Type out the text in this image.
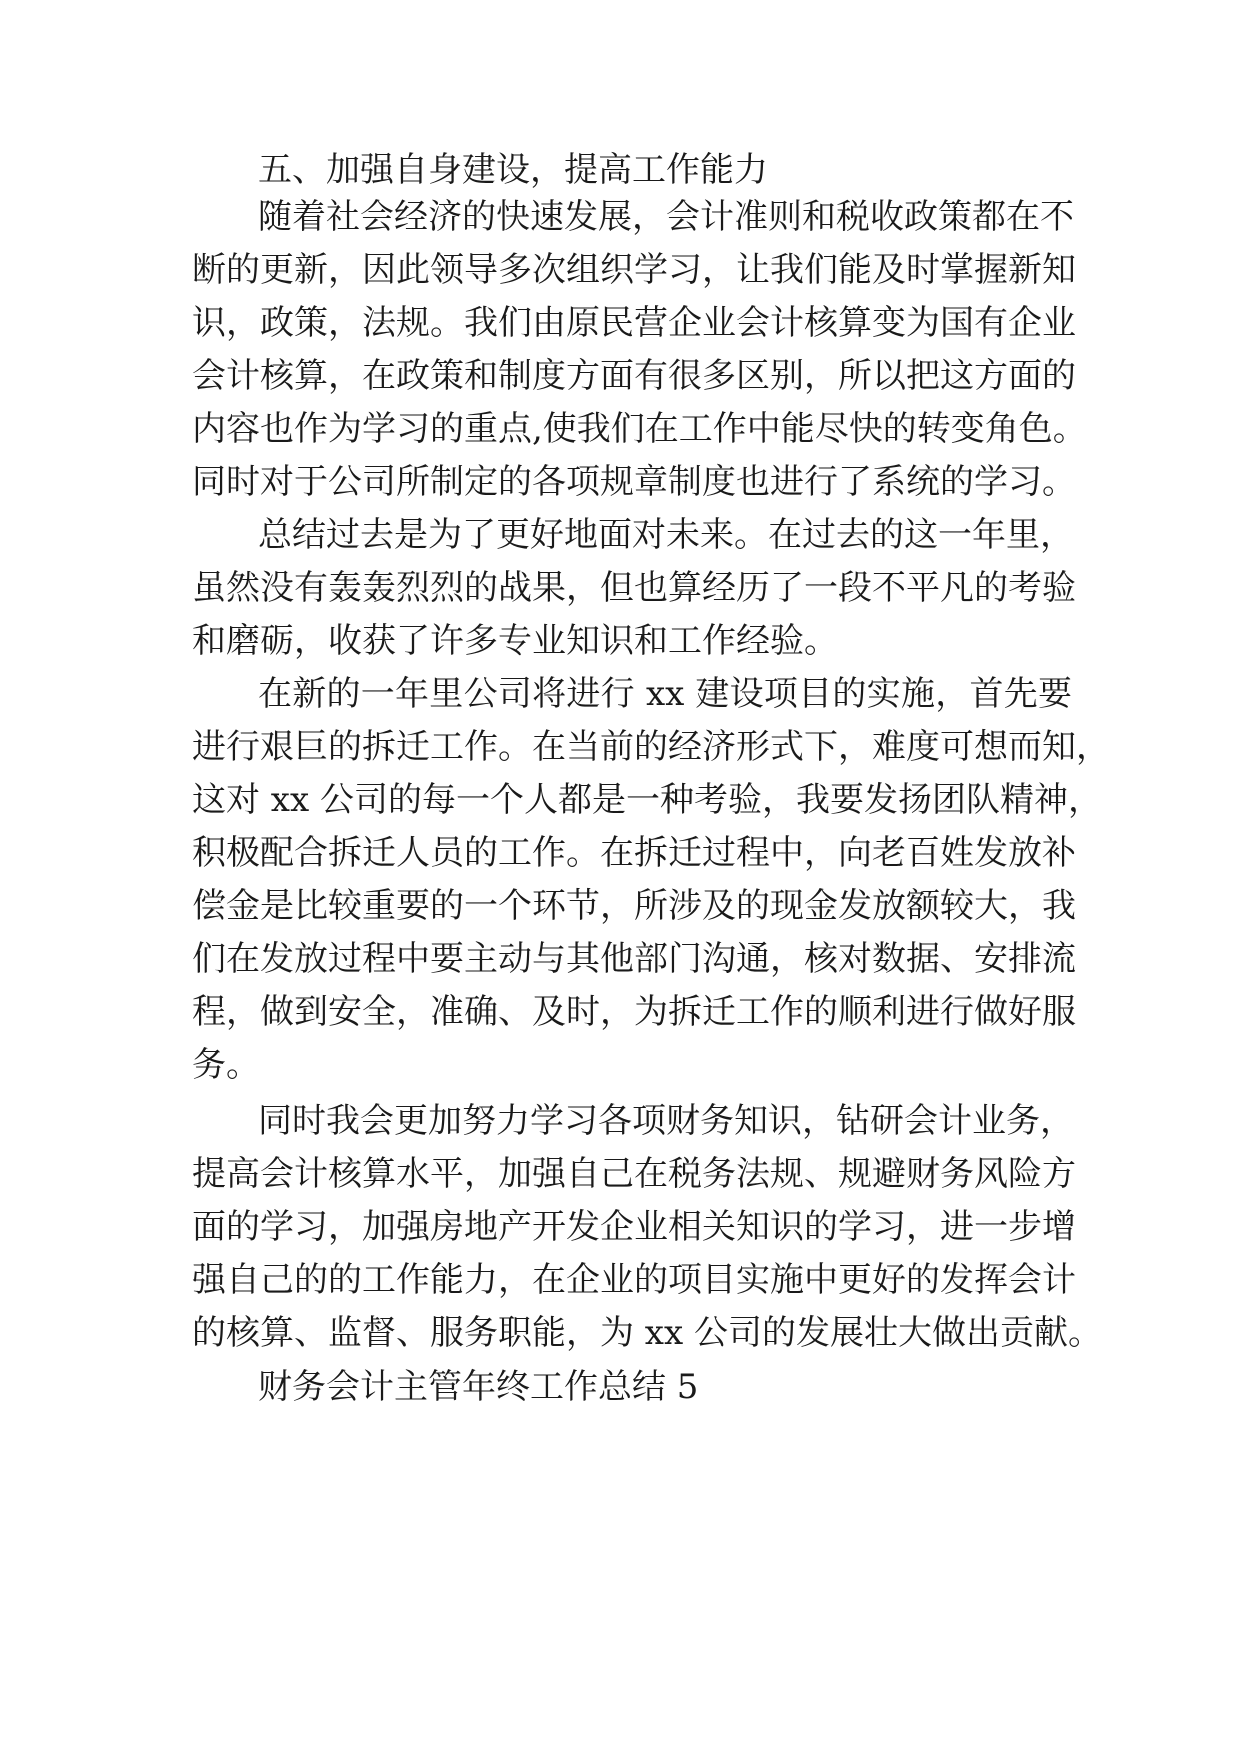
五、加强自身建设，提高工作能力
随着社会经济的快速发展，会计准则和税收政策都在不
断的更新，因此领导多次组织学习，让我们能及时掌握新知
识，政策，法规。我们由原民营企业会计核算变为国有企业
会计核算，在政策和制度方面有很多区别，所以把这方面的
内容也作为学习的重点,使我们在工作中能尽快的转变角色。
同时对于公司所制定的各项规章制度也进行了系统的学习。
总结过去是为了更好地面对未来。在过去的这一年里，
虽然没有轰轰烈烈的战果，但也算经历了一段不平凡的考验
和磨砺，收获了许多专业知识和工作经验。
在新的一年里公司将进行 xx 建设项目的实施，首先要
进行艰巨的拆迁工作。在当前的经济形式下，难度可想而知，
这对 xx 公司的每一个人都是一种考验，我要发扬团队精神，
积极配合拆迁人员的工作。在拆迁过程中，向老百姓发放补
偿金是比较重要的一个环节，所涉及的现金发放额较大，我
们在发放过程中要主动与其他部门沟通，核对数据、安排流
程，做到安全，准确、及时，为拆迁工作的顺利进行做好服
务。
同时我会更加努力学习各项财务知识，钻研会计业务，
提高会计核算水平，加强自己在税务法规、规避财务风险方
面的学习，加强房地产开发企业相关知识的学习，进一步增
强自己的的工作能力，在企业的项目实施中更好的发挥会计
的核算、监督、服务职能，为 xx 公司的发展壮大做出贡献。
财务会计主管年终工作总结 5
